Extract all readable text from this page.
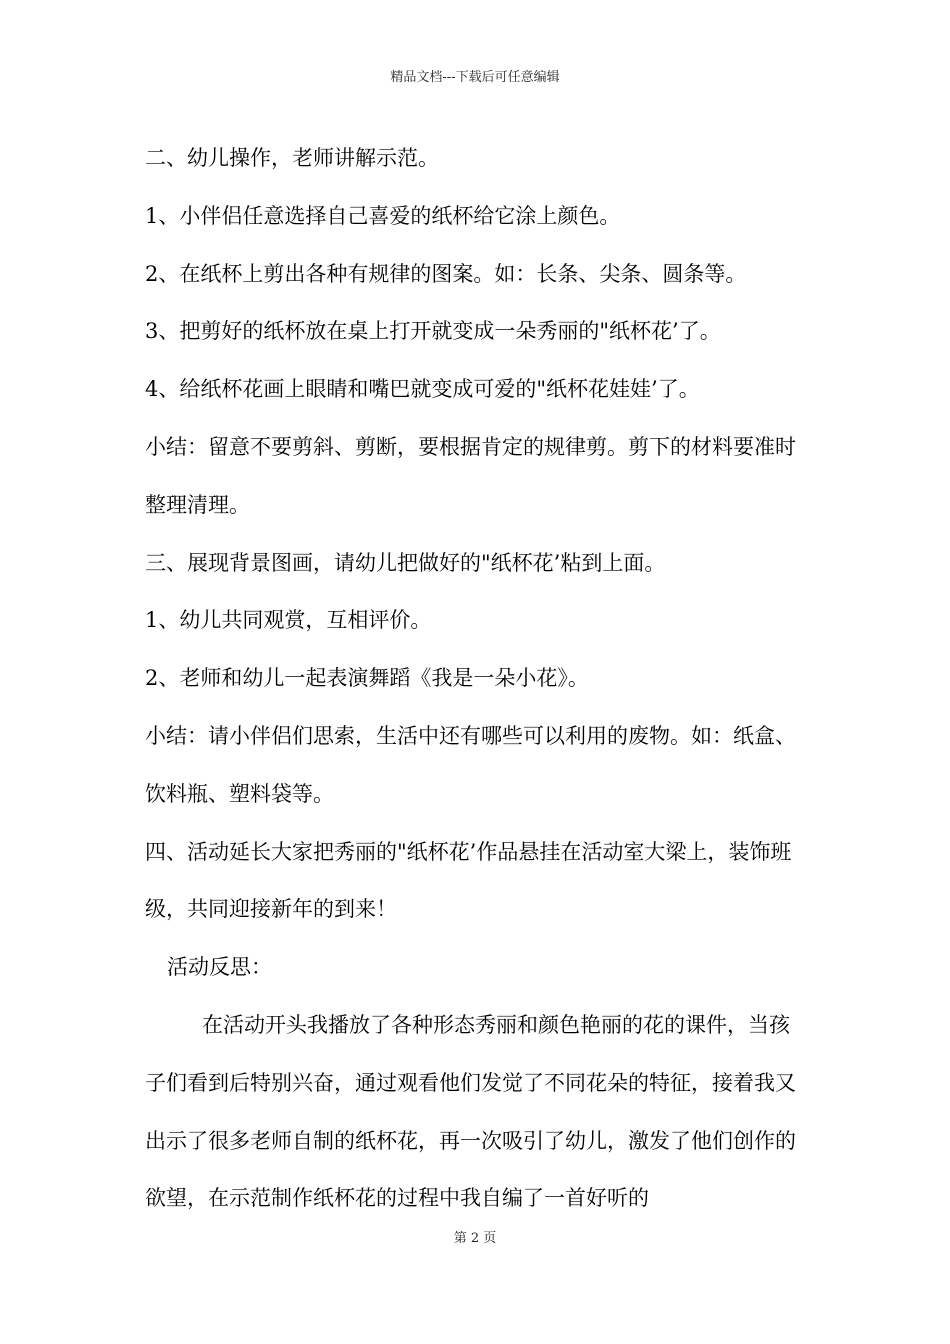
精品文档---下载后可任意编辑

二、幼儿操作，老师讲解示范。

1、小伴侣任意选择自己喜爱的纸杯给它涂上颜色。

2、在纸杯上剪出各种有规律的图案。如：长条、尖条、圆条等。

3、把剪好的纸杯放在桌上打开就变成一朵秀丽的"纸杯花’了。

4、给纸杯花画上眼睛和嘴巴就变成可爱的"纸杯花娃娃’了。

小结：留意不要剪斜、剪断，要根据肯定的规律剪。剪下的材料要准时整理清理。

三、展现背景图画，请幼儿把做好的"纸杯花’粘到上面。

1、幼儿共同观赏，互相评价。

2、老师和幼儿一起表演舞蹈《我是一朵小花》。

小结：请小伴侣们思索，生活中还有哪些可以利用的废物。如：纸盒、饮料瓶、塑料袋等。

四、活动延长大家把秀丽的"纸杯花’作品悬挂在活动室大梁上，装饰班级，共同迎接新年的到来！

活动反思：

在活动开头我播放了各种形态秀丽和颜色艳丽的花的课件，当孩子们看到后特别兴奋，通过观看他们发觉了不同花朵的特征，接着我又出示了很多老师自制的纸杯花，再一次吸引了幼儿，激发了他们创作的欲望，在示范制作纸杯花的过程中我自编了一首好听的

第 2 页
